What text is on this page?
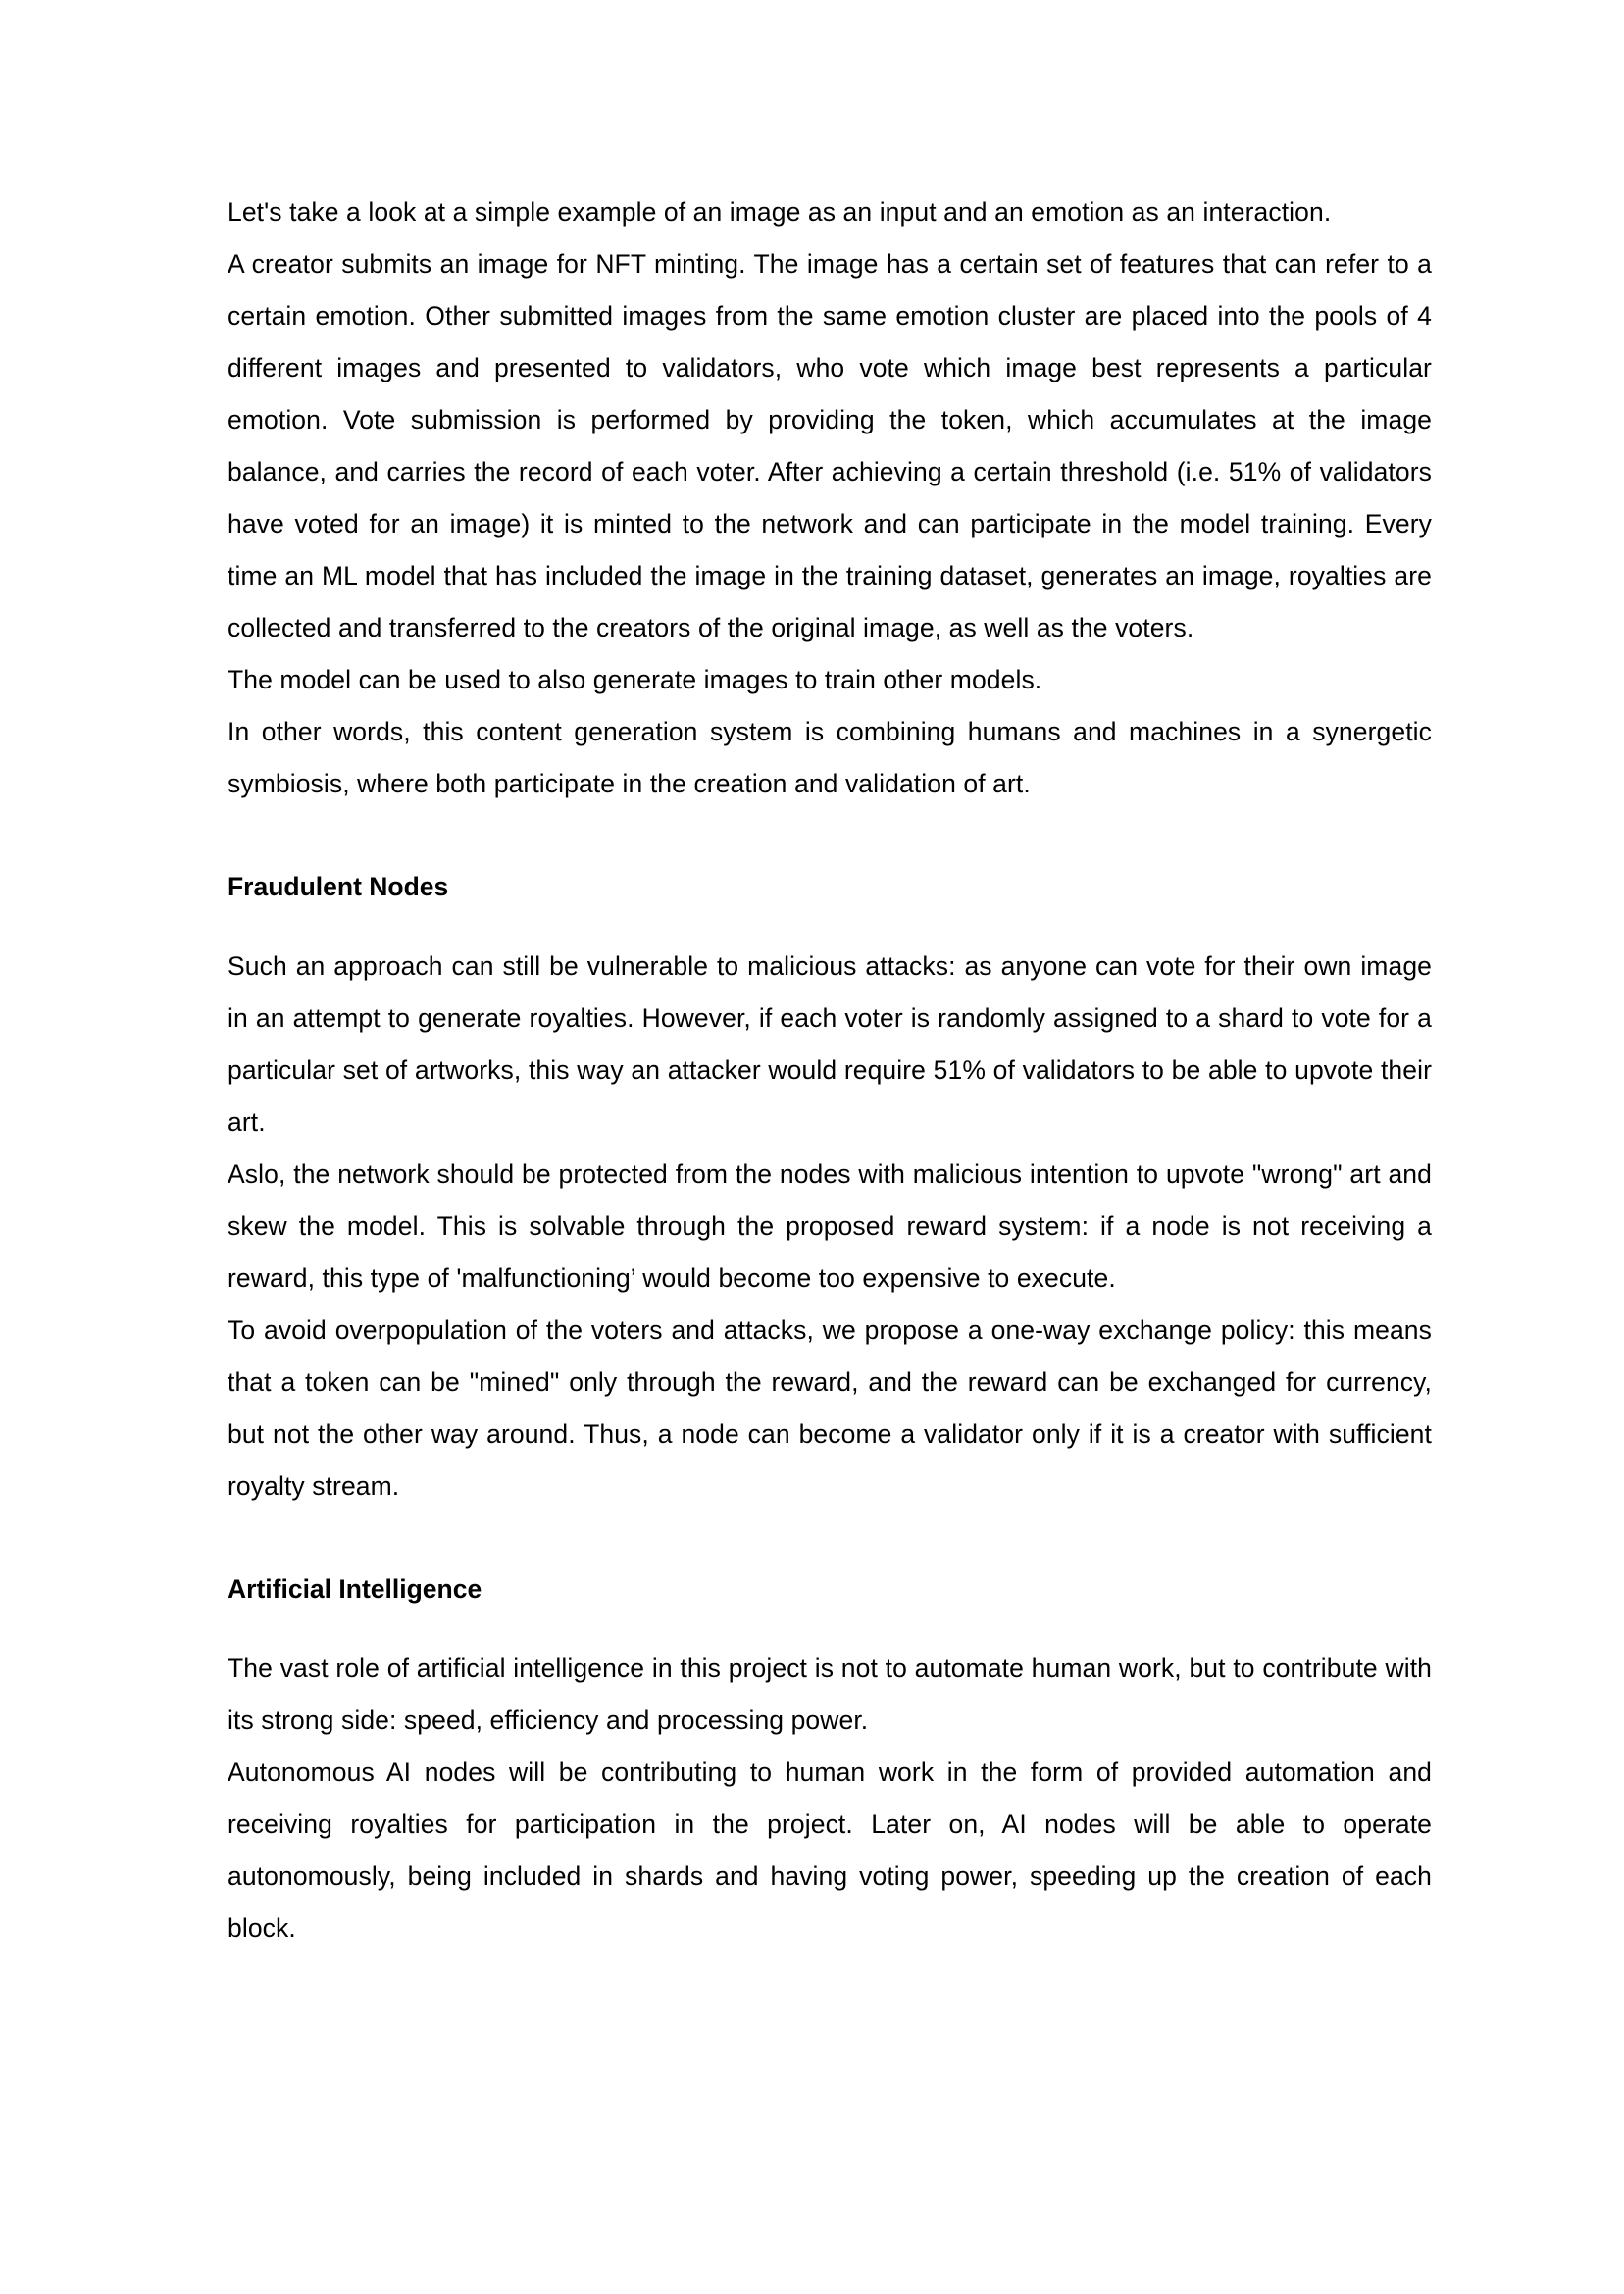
Let's take a look at a simple example of an image as an input and an emotion as an interaction.

A creator submits an image for NFT minting. The image has a certain set of features that can refer to a certain emotion. Other submitted images from the same emotion cluster are placed into the pools of 4 different images and presented to validators, who vote which image best represents a particular emotion. Vote submission is performed by providing the token, which accumulates at the image balance, and carries the record of each voter. After achieving a certain threshold (i.e. 51% of validators have voted for an image) it is minted to the network and can participate in the model training. Every time an ML model that has included the image in the training dataset, generates an image, royalties are collected and transferred to the creators of the original image, as well as the voters.

The model can be used to also generate images to train other models.

In other words, this content generation system is combining humans and machines in a synergetic symbiosis, where both participate in the creation and validation of art.

Fraudulent Nodes

Such an approach can still be vulnerable to malicious attacks: as anyone can vote for their own image in an attempt to generate royalties. However, if each voter is randomly assigned to a shard to vote for a particular set of artworks, this way an attacker would require 51% of validators to be able to upvote their art.

Aslo, the network should be protected from the nodes with malicious intention to upvote "wrong" art and skew the model. This is solvable through the proposed reward system: if a node is not receiving a reward, this type of 'malfunctioning’ would become too expensive to execute.

To avoid overpopulation of the voters and attacks, we propose a one-way exchange policy: this means that a token can be "mined" only through the reward, and the reward can be exchanged for currency, but not the other way around. Thus, a node can become a validator only if it is a creator with sufficient royalty stream.

Artificial Intelligence

The vast role of artificial intelligence in this project is not to automate human work, but to contribute with its strong side: speed, efficiency and processing power.

Autonomous AI nodes will be contributing to human work in the form of provided automation and receiving royalties for participation in the project. Later on, AI nodes will be able to operate autonomously, being included in shards and having voting power, speeding up the creation of each block.
